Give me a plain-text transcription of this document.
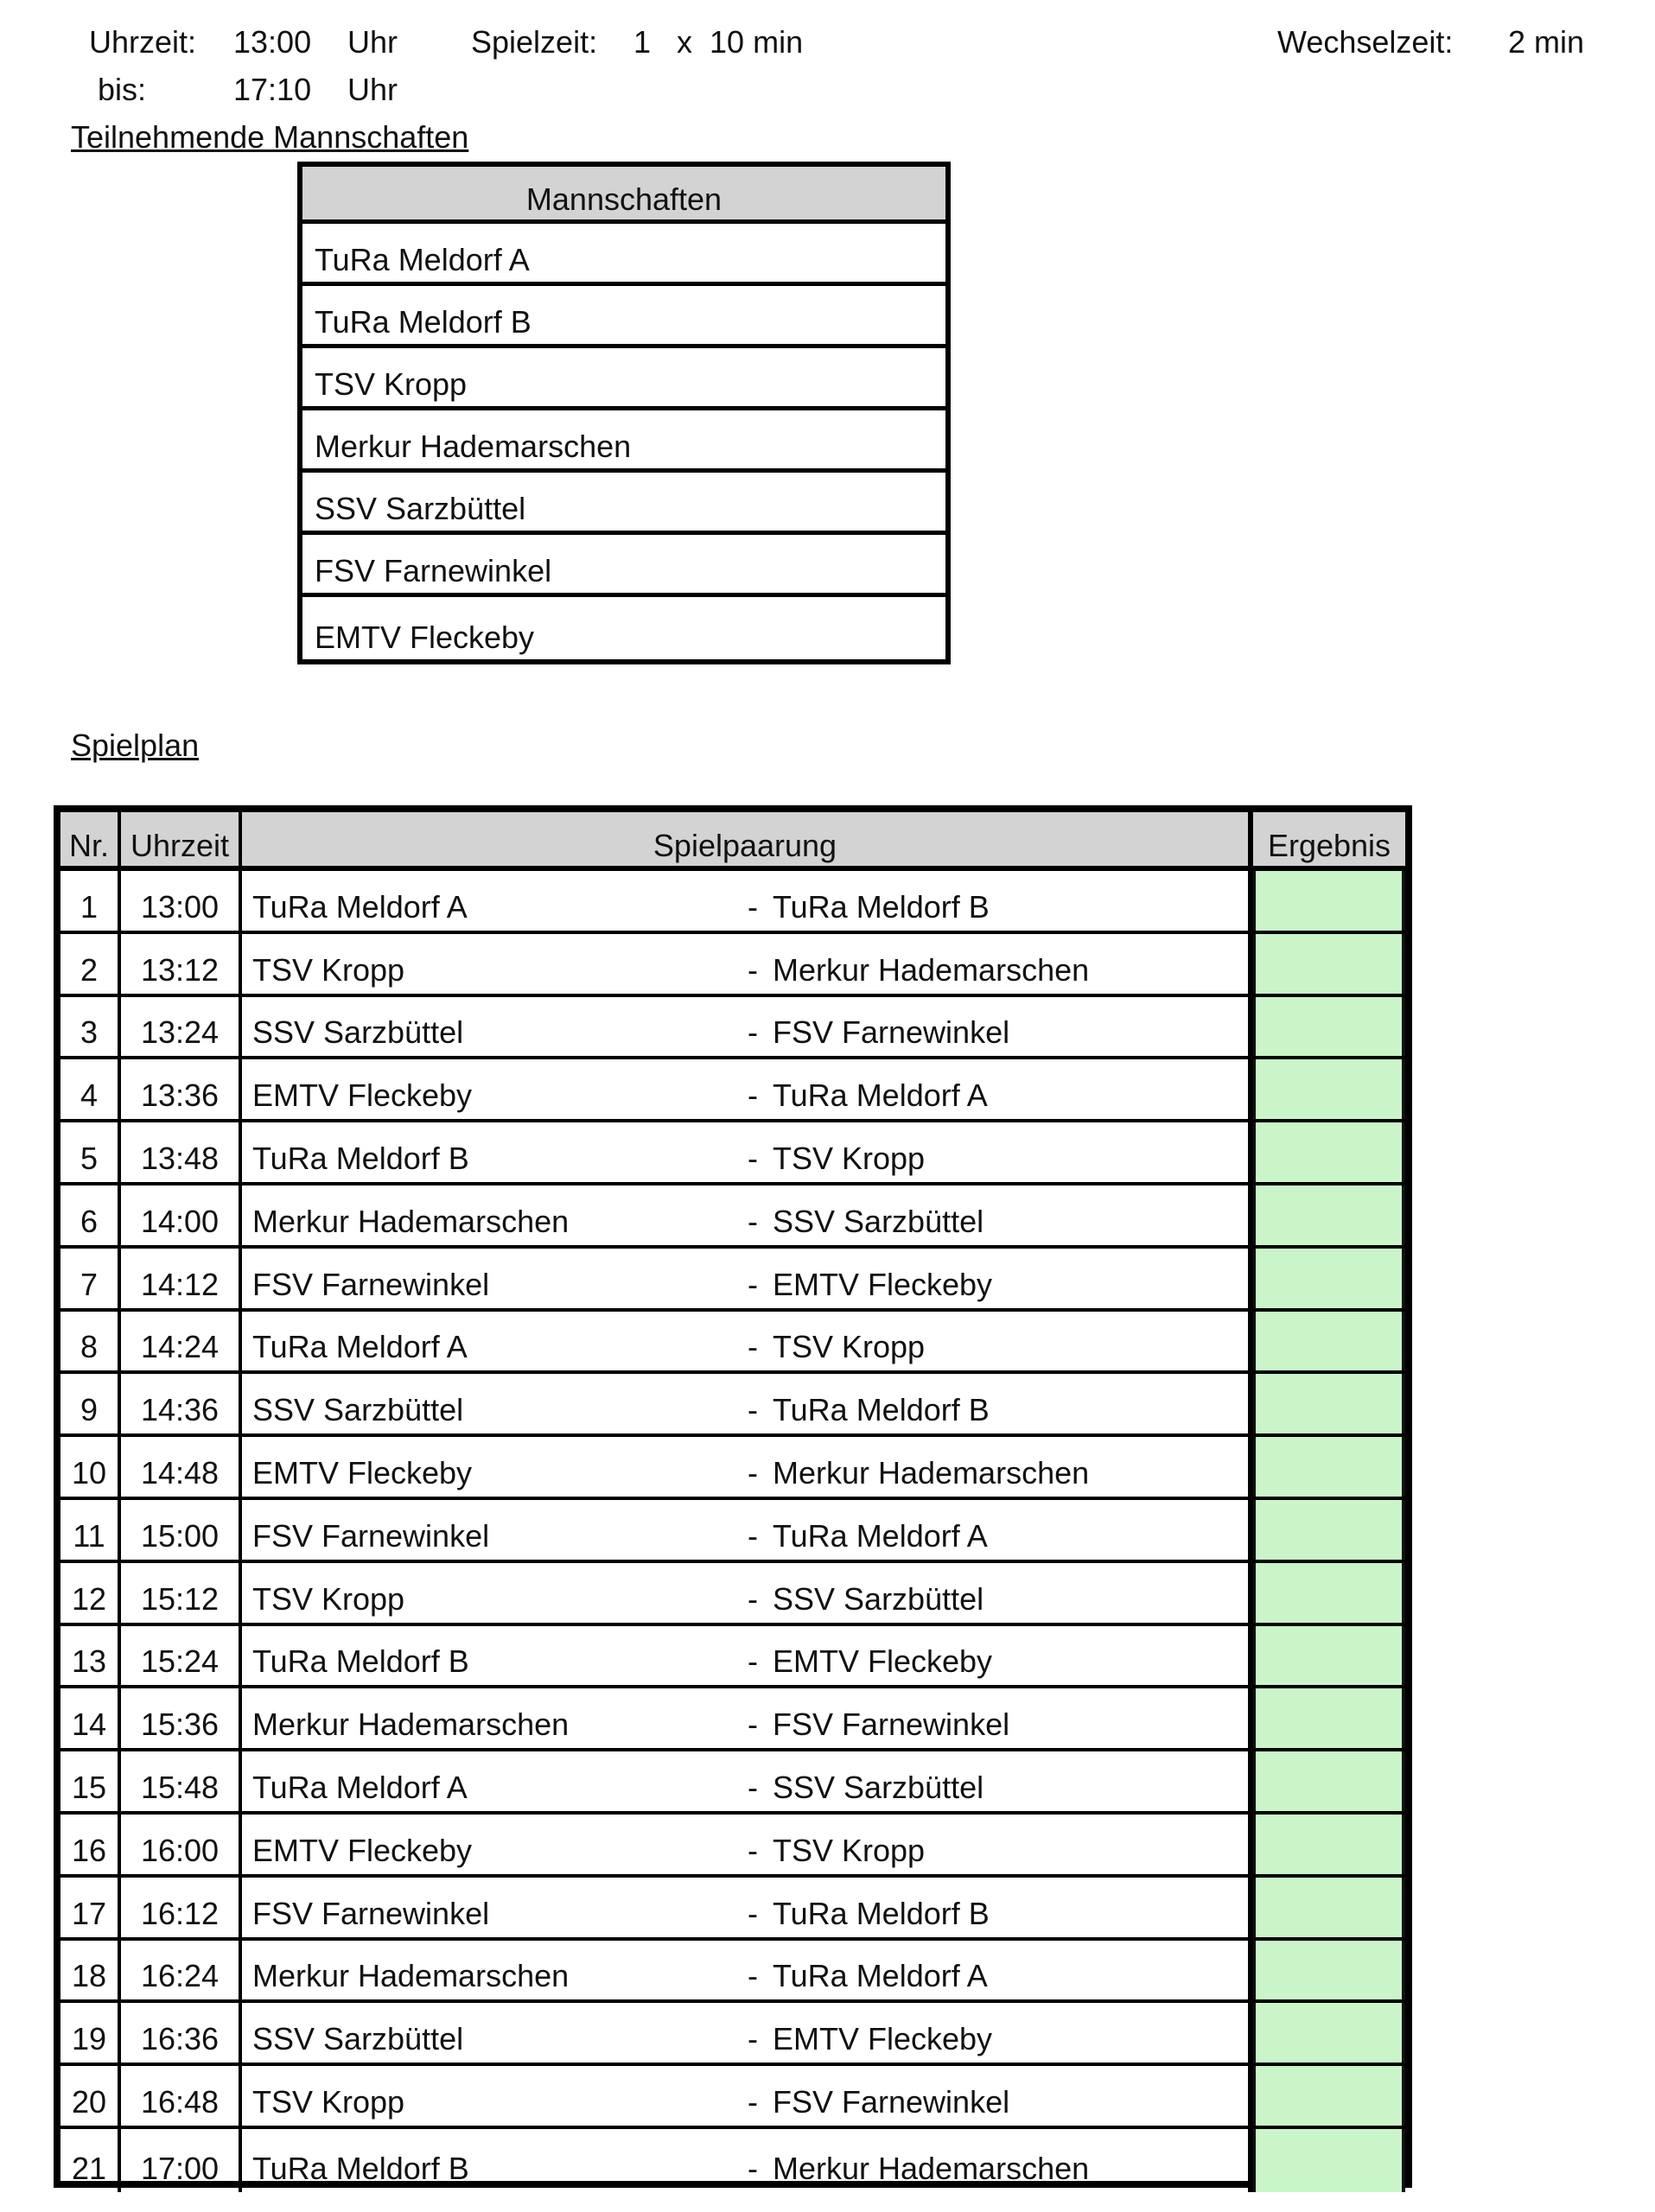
Uhrzeit: 13:00 Uhr Spielzeit: 1   x  10 min	Wechselzeit: 2 min
bis:	17:10 Uhr
Teilnehmende Mannschaften
Mannschaften
TuRa Meldorf A
TuRa Meldorf B
TSV Kropp
Merkur Hademarschen
SSV Sarzbüttel
FSV Farnewinkel
EMTV Fleckeby
Spielplan
Nr. Uhrzeit	Spielpaarung	Ergebnis
1	13:00	TuRa Meldorf A	- TuRa Meldorf B
2	13:12	TSV Kropp	- Merkur Hademarschen
3	13:24	SSV Sarzbüttel	- FSV Farnewinkel
4	13:36	EMTV Fleckeby	- TuRa Meldorf A
5	13:48	TuRa Meldorf B	- TSV Kropp
6	14:00	Merkur Hademarschen	- SSV Sarzbüttel
7	14:12	FSV Farnewinkel	- EMTV Fleckeby
8	14:24	TuRa Meldorf A	- TSV Kropp
9	14:36	SSV Sarzbüttel	- TuRa Meldorf B
10	14:48	EMTV Fleckeby	- Merkur Hademarschen
11	15:00	FSV Farnewinkel	- TuRa Meldorf A
12	15:12	TSV Kropp	- SSV Sarzbüttel
13	15:24	TuRa Meldorf B	- EMTV Fleckeby
14	15:36	Merkur Hademarschen	- FSV Farnewinkel
15	15:48	TuRa Meldorf A	- SSV Sarzbüttel
16	16:00	EMTV Fleckeby	- TSV Kropp
17	16:12	FSV Farnewinkel	- TuRa Meldorf B
18	16:24	Merkur Hademarschen	- TuRa Meldorf A
19	16:36	SSV Sarzbüttel	- EMTV Fleckeby
20	16:48	TSV Kropp	- FSV Farnewinkel
21	17:00	TuRa Meldorf B	- Merkur Hademarschen
